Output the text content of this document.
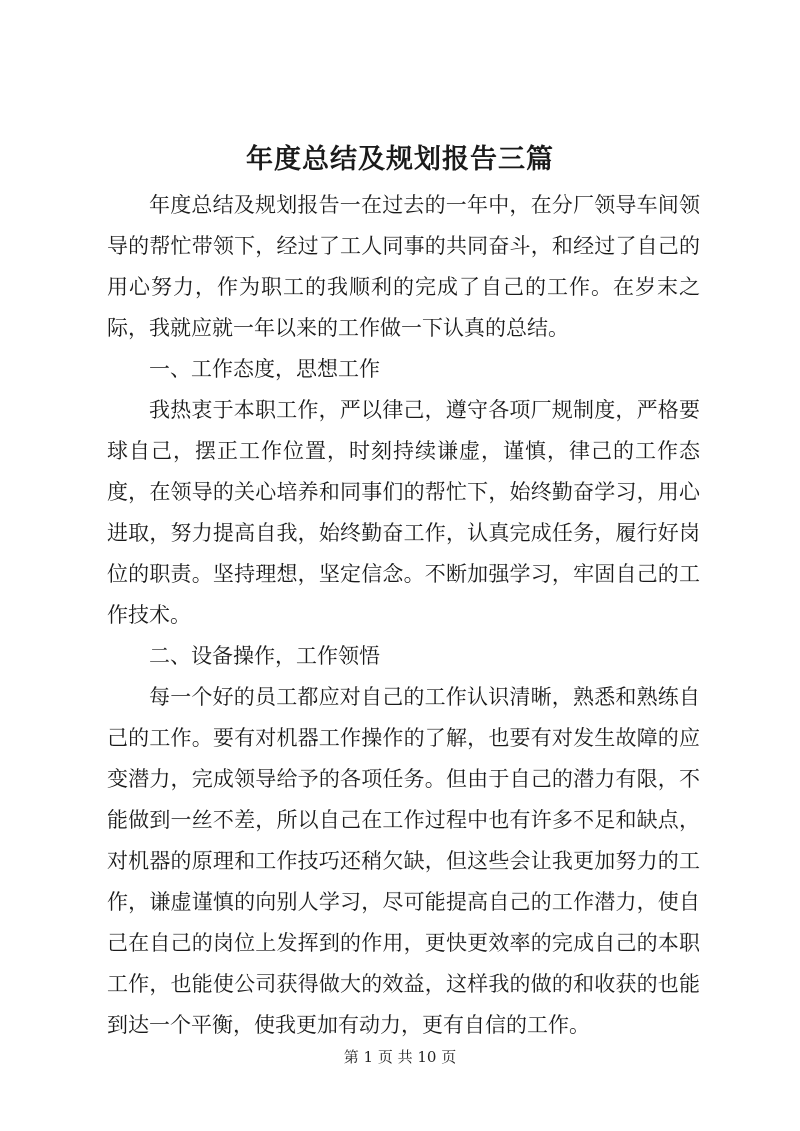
年度总结及规划报告三篇

年度总结及规划报告一在过去的一年中，在分厂领导车间领导的帮忙带领下，经过了工人同事的共同奋斗，和经过了自己的用心努力，作为职工的我顺利的完成了自己的工作。在岁末之际，我就应就一年以来的工作做一下认真的总结。

一、工作态度，思想工作

我热衷于本职工作，严以律己，遵守各项厂规制度，严格要球自己，摆正工作位置，时刻持续谦虚，谨慎，律己的工作态度，在领导的关心培养和同事们的帮忙下，始终勤奋学习，用心进取，努力提高自我，始终勤奋工作，认真完成任务，履行好岗位的职责。坚持理想，坚定信念。不断加强学习，牢固自己的工作技术。

二、设备操作，工作领悟

每一个好的员工都应对自己的工作认识清晰，熟悉和熟练自己的工作。要有对机器工作操作的了解，也要有对发生故障的应变潜力，完成领导给予的各项任务。但由于自己的潜力有限，不能做到一丝不差，所以自己在工作过程中也有许多不足和缺点，对机器的原理和工作技巧还稍欠缺，但这些会让我更加努力的工作，谦虚谨慎的向别人学习，尽可能提高自己的工作潜力，使自己在自己的岗位上发挥到的作用，更快更效率的完成自己的本职工作，也能使公司获得做大的效益，这样我的做的和收获的也能到达一个平衡，使我更加有动力，更有自信的工作。

第 1 页 共 10 页
